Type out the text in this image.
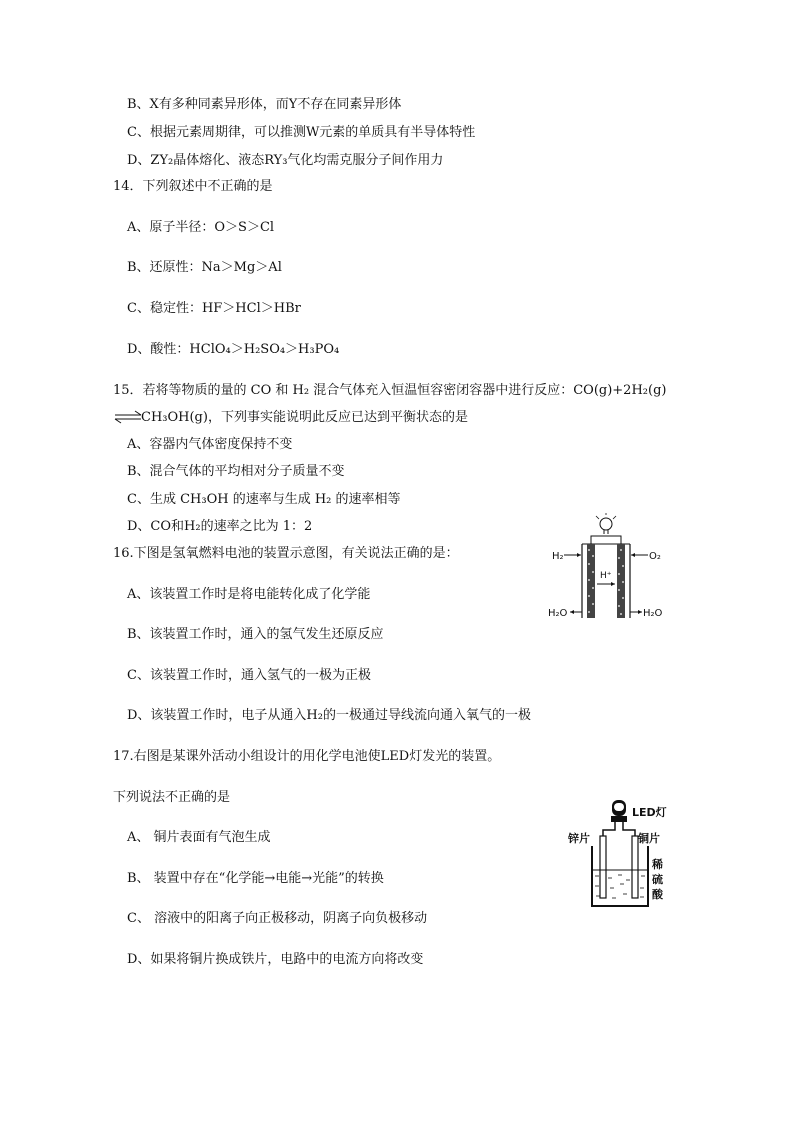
B、X有多种同素异形体，而Y不存在同素异形体
C、根据元素周期律，可以推测W元素的单质具有半导体特性
D、ZY₂晶体熔化、液态RY₃气化均需克服分子间作用力
14．下列叙述中不正确的是
A、原子半径：O＞S＞Cl
B、还原性：Na＞Mg＞Al
C、稳定性：HF＞HCl＞HBr
D、酸性：HClO₄＞H₂SO₄＞H₃PO₄
15．若将等物质的量的 CO 和 H₂ 混合气体充入恒温恒容密闭容器中进行反应：CO(g)+2H₂(g)
CH₃OH(g)，下列事实能说明此反应已达到平衡状态的是
A、容器内气体密度保持不变
B、混合气体的平均相对分子质量不变
C、生成 CH₃OH 的速率与生成 H₂ 的速率相等
D、CO和H₂的速率之比为 1：2
16.下图是氢氧燃料电池的装置示意图，有关说法正确的是：
A、该装置工作时是将电能转化成了化学能
B、该装置工作时，通入的氢气发生还原反应
C、该装置工作时，通入氢气的一极为正极
D、该装置工作时，电子从通入H₂的一极通过导线流向通入氧气的一极
H₂	O₂
H⁺
H₂O	H₂O
17.右图是某课外活动小组设计的用化学电池使LED灯发光的装置。
下列说法不正确的是
A、 铜片表面有气泡生成
B、 装置中存在“化学能→电能→光能”的转换
C、 溶液中的阳离子向正极移动，阴离子向负极移动
D、如果将铜片换成铁片，电路中的电流方向将改变
LED灯
锌片	铜片
稀
硫
酸
